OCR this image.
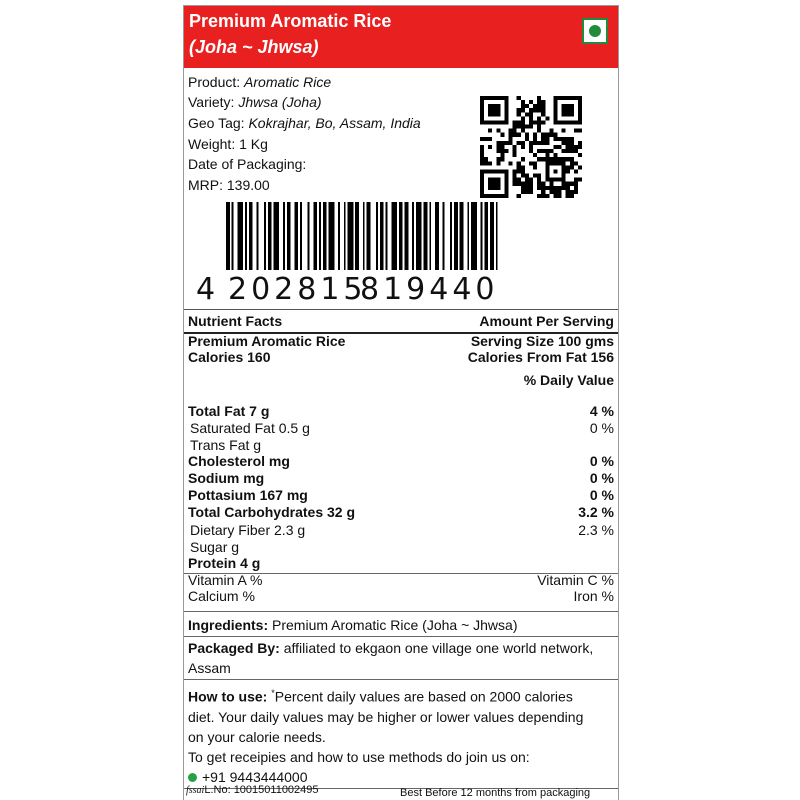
Premium Aromatic Rice
(Joha ~ Jhwsa)
Product: Aromatic Rice
Variety: Jhwsa (Joha)
Geo Tag: Kokrajhar, Bo, Assam, India
Weight: 1 Kg
Date of Packaging:
MRP: 139.00
4 202815
819440
Nutrient Facts	Amount Per Serving
Premium Aromatic Rice	Serving Size 100 gms
Calories 160	Calories From Fat 156
% Daily Value
Total Fat 7 g	4 %
Saturated Fat 0.5 g	0 %
Trans Fat g
Cholesterol mg	0 %
Sodium mg	0 %
Pottasium 167 mg	0 %
Total Carbohydrates 32 g	3.2 %
Dietary Fiber 2.3 g	2.3 %
Sugar g
Protein 4 g
Vitamin A %	Vitamin C %
Calcium %	Iron %
Ingredients: Premium Aromatic Rice (Joha ~ Jhwsa)
Packaged By: affiliated to ekgaon one village one world network,
Assam
How to use: *Percent daily values are based on 2000 calories
diet. Your daily values may be higher or lower values depending
on your calorie needs.
To get receipies and how to use methods do join us on:
+91 9443444000
fssaiL.No: 10015011002495	Best Before 12 months from packaging
